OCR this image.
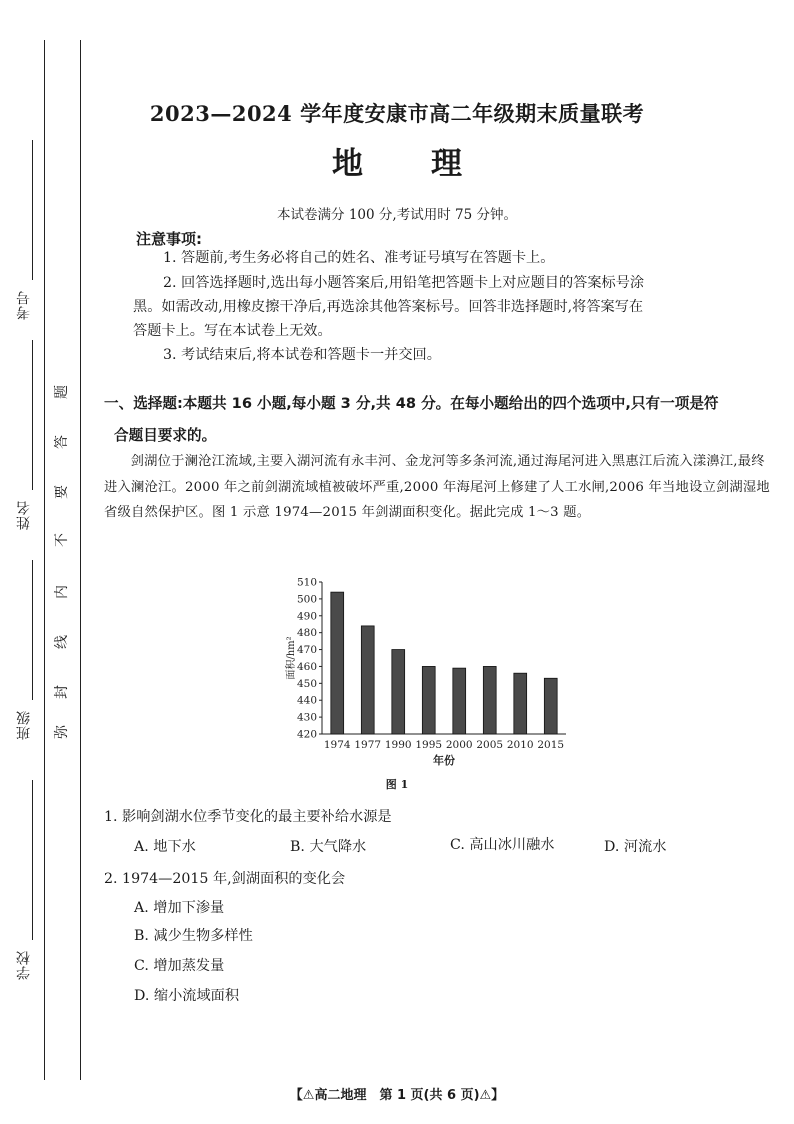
考号
姓名
班级
学校
弥
封
线
内
不
要
答
题
2023—2024 学年度安康市高二年级期末质量联考
地 理
本试卷满分 100 分,考试用时 75 分钟。
注意事项:
1. 答题前,考生务必将自己的姓名、准考证号填写在答题卡上。
2. 回答选择题时,选出每小题答案后,用铅笔把答题卡上对应题目的答案标号涂
黑。如需改动,用橡皮擦干净后,再选涂其他答案标号。回答非选择题时,将答案写在
答题卡上。写在本试卷上无效。
3. 考试结束后,将本试卷和答题卡一并交回。
一、选择题:本题共 16 小题,每小题 3 分,共 48 分。在每小题给出的四个选项中,只有一项是符
合题目要求的。
剑湖位于澜沧江流域,主要入湖河流有永丰河、金龙河等多条河流,通过海尾河进入黑惠江后流入漾濞江,最终进入澜沧江。2000 年之前剑湖流域植被破坏严重,2000 年海尾河上修建了人工水闸,2006 年当地设立剑湖湿地省级自然保护区。图 1 示意 1974—2015 年剑湖面积变化。据此完成 1～3 题。
420
430
440
450
460
470
480
490
500
510
1974 1977 1990 1995 2000 2005 2010 2015
年份
面积/hm²
图 1
1. 影响剑湖水位季节变化的最主要补给水源是
A. 地下水	B. 大气降水	C. 高山冰川融水	D. 河流水
2. 1974—2015 年,剑湖面积的变化会
A. 增加下渗量
B. 减少生物多样性
C. 增加蒸发量
D. 缩小流域面积
【⚠高二地理　第 1 页(共 6 页)⚠】
